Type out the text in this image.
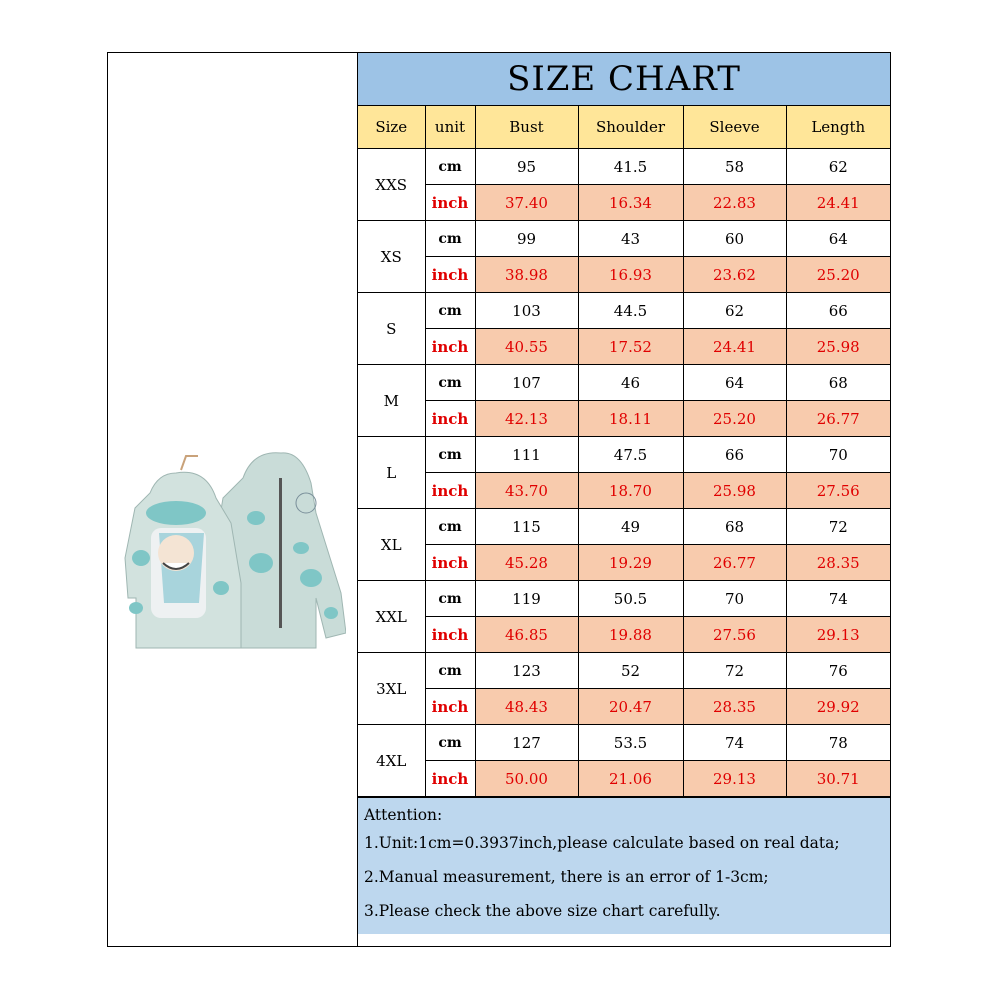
SIZE CHART
Size	unit	Bust	Shoulder	Sleeve	Length
XXS	cm	95	41.5	58	62
	inch	37.40	16.34	22.83	24.41
XS	cm	99	43	60	64
	inch	38.98	16.93	23.62	25.20
S	cm	103	44.5	62	66
	inch	40.55	17.52	24.41	25.98
M	cm	107	46	64	68
	inch	42.13	18.11	25.20	26.77
L	cm	111	47.5	66	70
	inch	43.70	18.70	25.98	27.56
XL	cm	115	49	68	72
	inch	45.28	19.29	26.77	28.35
XXL	cm	119	50.5	70	74
	inch	46.85	19.88	27.56	29.13
3XL	cm	123	52	72	76
	inch	48.43	20.47	28.35	29.92
4XL	cm	127	53.5	74	78
	inch	50.00	21.06	29.13	30.71
Attention:
1.Unit:1cm=0.3937inch,please calculate based on real data;
2.Manual measurement, there is an error of 1-3cm;
3.Please check the above size chart carefully.
